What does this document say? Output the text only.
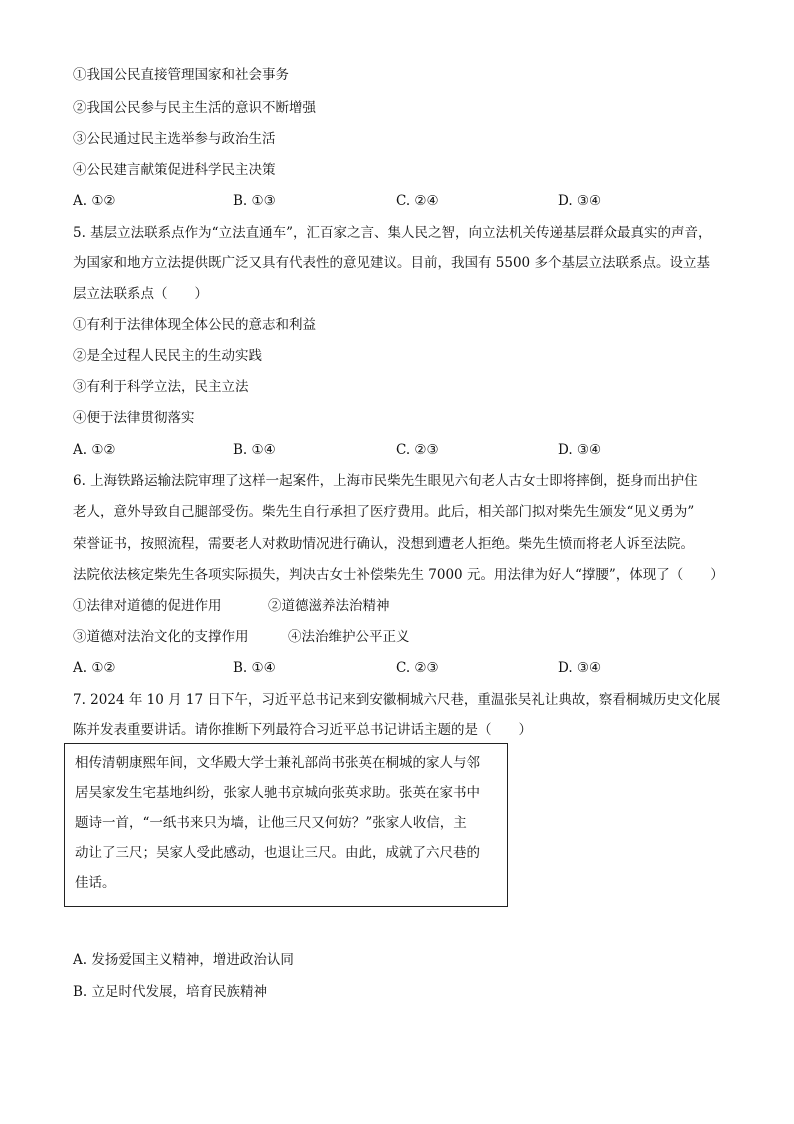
①我国公民直接管理国家和社会事务
②我国公民参与民主生活的意识不断增强
③公民通过民主选举参与政治生活
④公民建言献策促进科学民主决策
A. ①②	B. ①③	C. ②④	D. ③④
5. 基层立法联系点作为“立法直通车”，汇百家之言、集人民之智，向立法机关传递基层群众最真实的声音，
为国家和地方立法提供既广泛又具有代表性的意见建议。目前，我国有 5500 多个基层立法联系点。设立基
层立法联系点（　　）
①有利于法律体现全体公民的意志和利益
②是全过程人民民主的生动实践
③有利于科学立法，民主立法
④便于法律贯彻落实
A. ①②	B. ①④	C. ②③	D. ③④
6. 上海铁路运输法院审理了这样一起案件，上海市民柴先生眼见六旬老人古女士即将摔倒，挺身而出护住
老人，意外导致自己腿部受伤。柴先生自行承担了医疗费用。此后，相关部门拟对柴先生颁发“见义勇为”
荣誉证书，按照流程，需要老人对救助情况进行确认，没想到遭老人拒绝。柴先生愤而将老人诉至法院。
法院依法核定柴先生各项实际损失，判决古女士补偿柴先生 7000 元。用法律为好人“撑腰”，体现了（　　）
①法律对道德的促进作用	②道德滋养法治精神
③道德对法治文化的支撑作用	④法治维护公平正义
A. ①②	B. ①④	C. ②③	D. ③④
7. 2024 年 10 月 17 日下午，习近平总书记来到安徽桐城六尺巷，重温张吴礼让典故，察看桐城历史文化展
陈并发表重要讲话。请你推断下列最符合习近平总书记讲话主题的是（　　）
相传清朝康熙年间，文华殿大学士兼礼部尚书张英在桐城的家人与邻
居吴家发生宅基地纠纷，张家人驰书京城向张英求助。张英在家书中
题诗一首，“一纸书来只为墙，让他三尺又何妨？”张家人收信，主
动让了三尺；吴家人受此感动，也退让三尺。由此，成就了六尺巷的
佳话。
A. 发扬爱国主义精神，增进政治认同
B. 立足时代发展，培育民族精神
